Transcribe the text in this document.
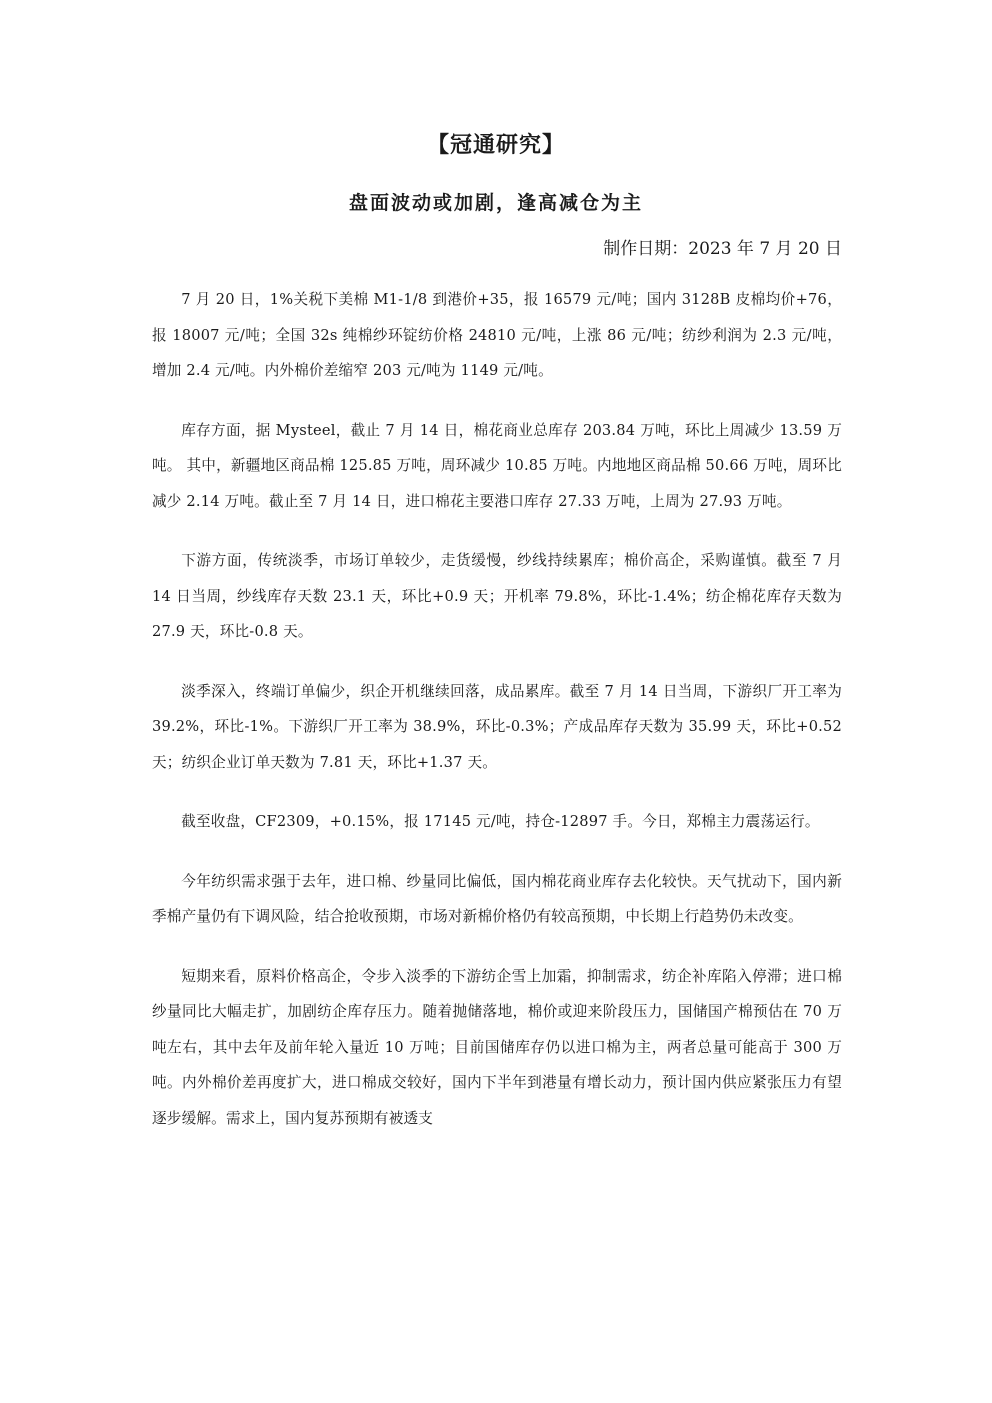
【冠通研究】
盘面波动或加剧，逢高减仓为主

制作日期：2023 年 7 月 20 日

7 月 20 日，1%关税下美棉 M1-1/8 到港价+35，报 16579 元/吨；国内 3128B 皮棉均价+76，报 18007 元/吨；全国 32s 纯棉纱环锭纺价格 24810 元/吨，上涨 86 元/吨；纺纱利润为 2.3 元/吨，增加 2.4 元/吨。内外棉价差缩窄 203 元/吨为 1149 元/吨。

库存方面，据 Mysteel，截止 7 月 14 日，棉花商业总库存 203.84 万吨，环比上周减少 13.59 万吨。 其中，新疆地区商品棉 125.85 万吨，周环减少 10.85 万吨。内地地区商品棉 50.66 万吨，周环比减少 2.14 万吨。截止至 7 月 14 日，进口棉花主要港口库存 27.33 万吨，上周为 27.93 万吨。

下游方面，传统淡季，市场订单较少，走货缓慢，纱线持续累库；棉价高企，采购谨慎。截至 7 月 14 日当周，纱线库存天数 23.1 天，环比+0.9 天；开机率 79.8%，环比-1.4%；纺企棉花库存天数为 27.9 天，环比-0.8 天。

淡季深入，终端订单偏少，织企开机继续回落，成品累库。截至 7 月 14 日当周，下游织厂开工率为 39.2%，环比-1%。下游织厂开工率为 38.9%，环比-0.3%；产成品库存天数为 35.99 天，环比+0.52 天；纺织企业订单天数为 7.81 天，环比+1.37 天。

截至收盘，CF2309，+0.15%，报 17145 元/吨，持仓-12897 手。今日，郑棉主力震荡运行。

今年纺织需求强于去年，进口棉、纱量同比偏低，国内棉花商业库存去化较快。天气扰动下，国内新季棉产量仍有下调风险，结合抢收预期，市场对新棉价格仍有较高预期，中长期上行趋势仍未改变。

短期来看，原料价格高企，令步入淡季的下游纺企雪上加霜，抑制需求，纺企补库陷入停滞；进口棉纱量同比大幅走扩，加剧纺企库存压力。随着抛储落地，棉价或迎来阶段压力，国储国产棉预估在 70 万吨左右，其中去年及前年轮入量近 10 万吨；目前国储库存仍以进口棉为主，两者总量可能高于 300 万吨。内外棉价差再度扩大，进口棉成交较好，国内下半年到港量有增长动力，预计国内供应紧张压力有望逐步缓解。需求上，国内复苏预期有被透支
